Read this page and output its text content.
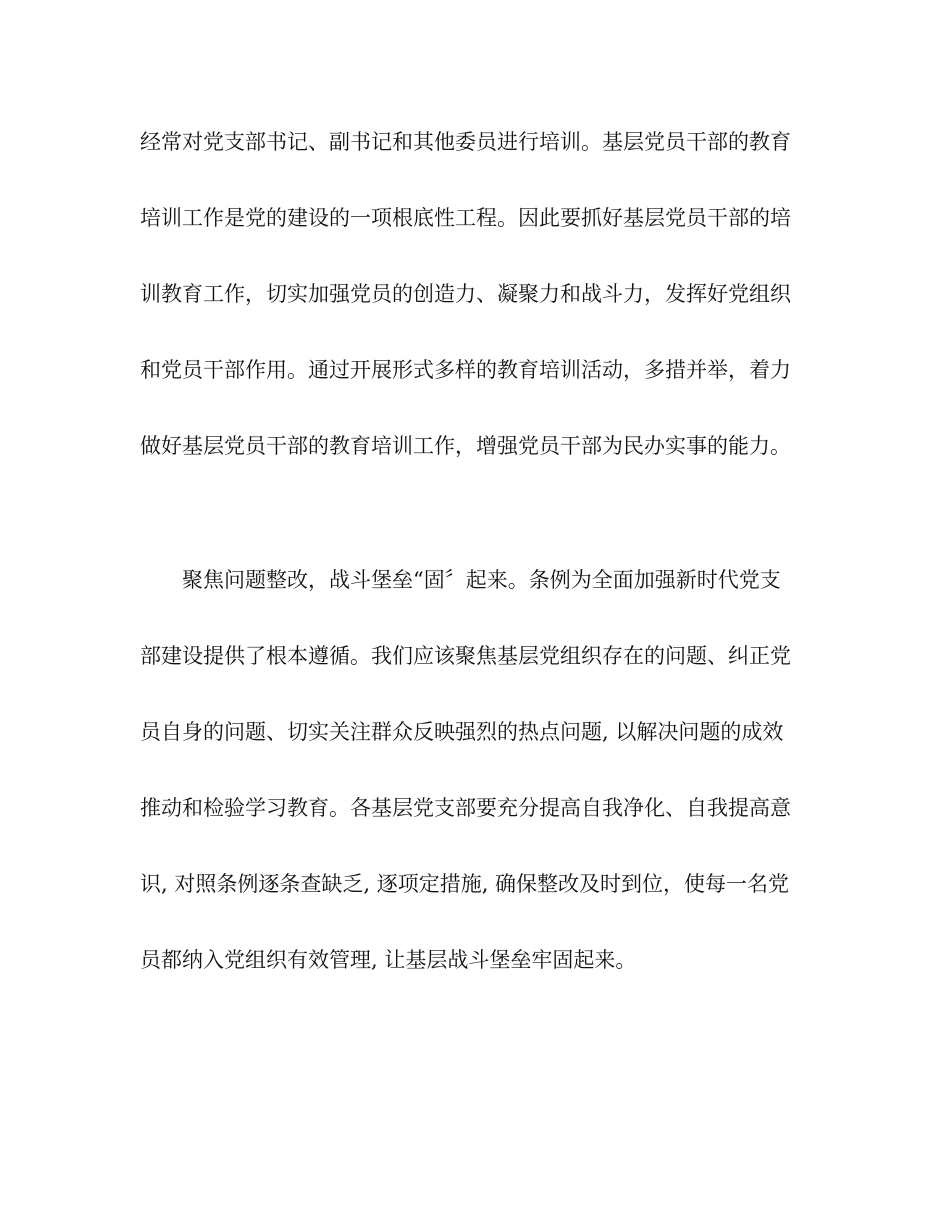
经常对党支部书记、副书记和其他委员进行培训。基层党员干部的教育
培训工作是党的建设的一项根底性工程。因此要抓好基层党员干部的培
训教育工作，切实加强党员的创造力、凝聚力和战斗力，发挥好党组织
和党员干部作用。通过开展形式多样的教育培训活动，多措并举，着力
做好基层党员干部的教育培训工作，增强党员干部为民办实事的能力。
聚焦问题整改，战斗堡垒“固〞起来。条例为全面加强新时代党支
部建设提供了根本遵循。我们应该聚焦基层党组织存在的问题、纠正党
员自身的问题、切实关注群众反映强烈的热点问题, 以解决问题的成效
推动和检验学习教育。各基层党支部要充分提高自我净化、自我提高意
识, 对照条例逐条查缺乏, 逐项定措施, 确保整改及时到位，使每一名党
员都纳入党组织有效管理, 让基层战斗堡垒牢固起来。
